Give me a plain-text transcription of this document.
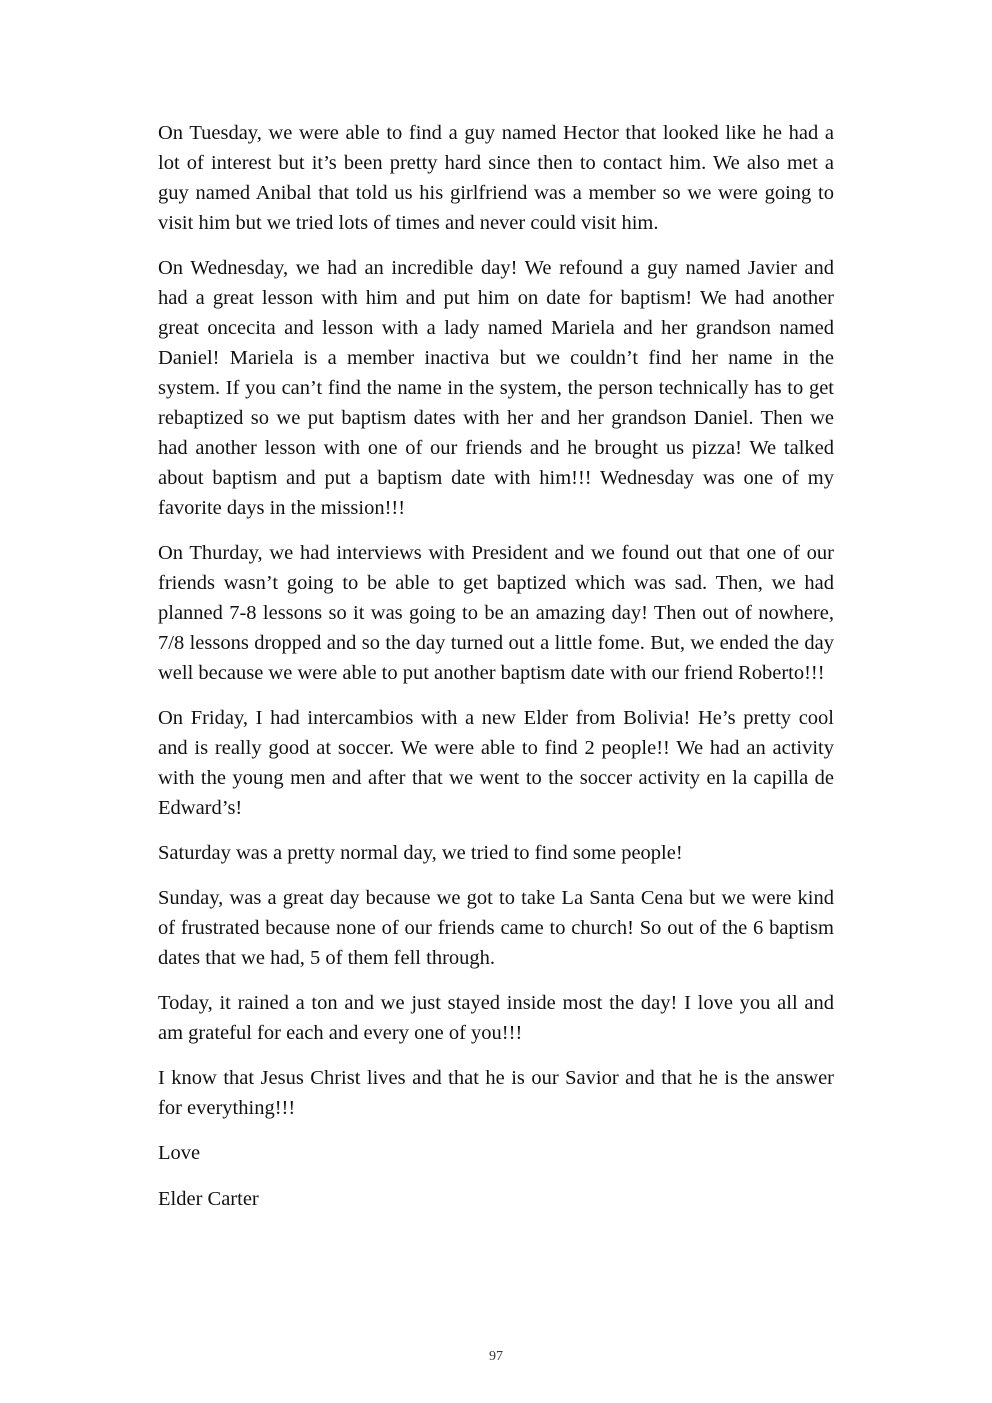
On Tuesday, we were able to find a guy named Hector that looked like he had a lot of interest but it’s been pretty hard since then to contact him. We also met a guy named Anibal that told us his girlfriend was a member so we were going to visit him but we tried lots of times and never could visit him.

On Wednesday, we had an incredible day! We refound a guy named Javier and had a great lesson with him and put him on date for baptism! We had another great oncecita and lesson with a lady named Mariela and her grandson named Daniel! Mariela is a member inactiva but we couldn’t find her name in the system. If you can’t find the name in the system, the person technically has to get rebaptized so we put baptism dates with her and her grandson Daniel. Then we had another lesson with one of our friends and he brought us pizza! We talked about baptism and put a baptism date with him!!! Wednesday was one of my favorite days in the mission!!!

On Thurday, we had interviews with President and we found out that one of our friends wasn’t going to be able to get baptized which was sad. Then, we had planned 7-8 lessons so it was going to be an amazing day! Then out of nowhere, 7/8 lessons dropped and so the day turned out a little fome. But, we ended the day well because we were able to put another baptism date with our friend Roberto!!!

On Friday, I had intercambios with a new Elder from Bolivia! He’s pretty cool and is really good at soccer. We were able to find 2 people!! We had an activity with the young men and after that we went to the soccer activity en la capilla de Edward’s!

Saturday was a pretty normal day, we tried to find some people!

Sunday, was a great day because we got to take La Santa Cena but we were kind of frustrated because none of our friends came to church! So out of the 6 baptism dates that we had, 5 of them fell through.

Today, it rained a ton and we just stayed inside most the day! I love you all and am grateful for each and every one of you!!!

I know that Jesus Christ lives and that he is our Savior and that he is the answer for everything!!!

Love

Elder Carter

97
